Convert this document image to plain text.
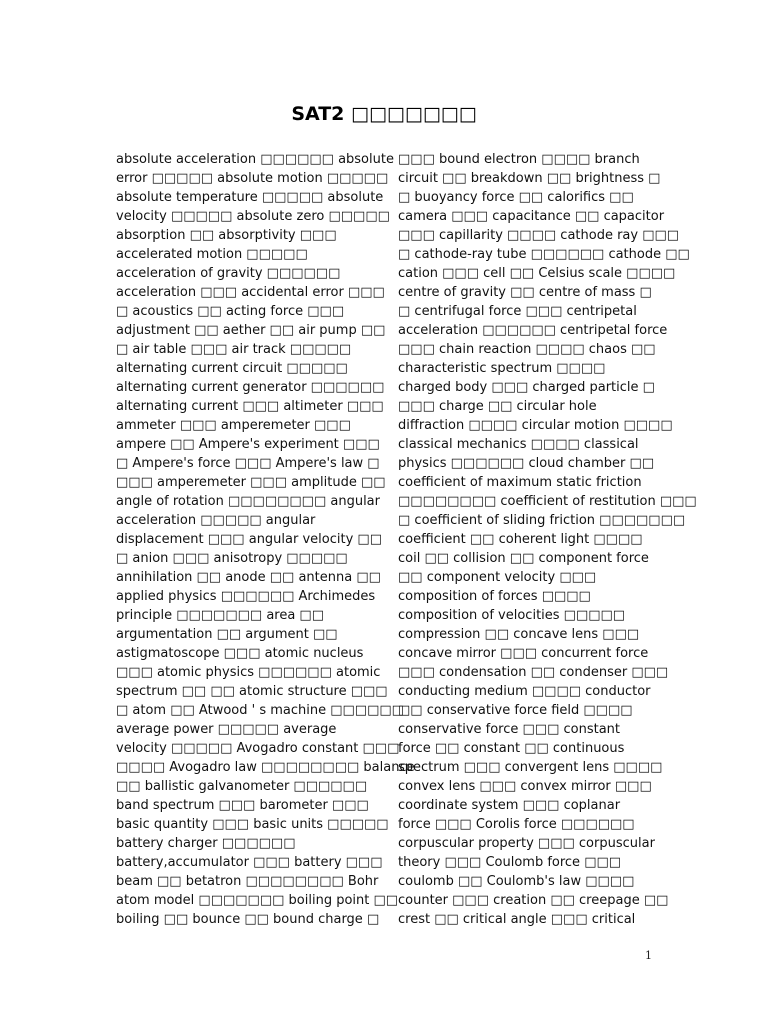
SAT2 □□□□□□□
absolute acceleration □□□□□□ absolute
error □□□□□ absolute motion □□□□□
absolute temperature □□□□□ absolute
velocity □□□□□ absolute zero □□□□□
absorption □□ absorptivity □□□
accelerated motion □□□□□
acceleration of gravity □□□□□□
acceleration □□□ accidental error □□□
□ acoustics □□ acting force □□□
adjustment □□ aether □□ air pump □□
□ air table □□□ air track □□□□□
alternating current circuit □□□□□
alternating current generator □□□□□□
alternating current □□□ altimeter □□□
ammeter □□□ amperemeter □□□
ampere □□ Ampere's experiment □□□
□ Ampere's force □□□ Ampere's law □
□□□ amperemeter □□□ amplitude □□
angle of rotation □□□□□□□□ angular
acceleration □□□□□ angular
displacement □□□ angular velocity □□
□ anion □□□ anisotropy □□□□□
annihilation □□ anode □□ antenna □□
applied physics □□□□□□ Archimedes
principle □□□□□□□ area □□
argumentation □□ argument □□
astigmatoscope □□□ atomic nucleus
□□□ atomic physics □□□□□□ atomic
spectrum □□ □□ atomic structure □□□
□ atom □□ Atwood ' s machine □□□□□□
average power □□□□□ average
velocity □□□□□ Avogadro constant □□□
□□□□ Avogadro law □□□□□□□□ balance
□□ ballistic galvanometer □□□□□□
band spectrum □□□ barometer □□□
basic quantity □□□ basic units □□□□□
battery charger □□□□□□
battery,accumulator □□□ battery □□□
beam □□ betatron □□□□□□□□ Bohr
atom model □□□□□□□ boiling point □□
boiling □□ bounce □□ bound charge □
□□□ bound electron □□□□ branch
circuit □□ breakdown □□ brightness □
□ buoyancy force □□ calorifics □□
camera □□□ capacitance □□ capacitor
□□□ capillarity □□□□ cathode ray □□□
□ cathode-ray tube □□□□□□ cathode □□
cation □□□ cell □□ Celsius scale □□□□
centre of gravity □□ centre of mass □
□ centrifugal force □□□ centripetal
acceleration □□□□□□ centripetal force
□□□ chain reaction □□□□ chaos □□
characteristic spectrum □□□□
charged body □□□ charged particle □
□□□ charge □□ circular hole
diffraction □□□□ circular motion □□□□
classical mechanics □□□□ classical
physics □□□□□□ cloud chamber □□
coefficient of maximum static friction
□□□□□□□□ coefficient of restitution □□□
□ coefficient of sliding friction □□□□□□□
coefficient □□ coherent light □□□□
coil □□ collision □□ component force
□□ component velocity □□□
composition of forces □□□□
composition of velocities □□□□□
compression □□ concave lens □□□
concave mirror □□□ concurrent force
□□□ condensation □□ condenser □□□
conducting medium □□□□ conductor
□□ conservative force field □□□□
conservative force □□□ constant
force □□ constant □□ continuous
spectrum □□□ convergent lens □□□□
convex lens □□□ convex mirror □□□
coordinate system □□□ coplanar
force □□□ Corolis force □□□□□□
corpuscular property □□□ corpuscular
theory □□□ Coulomb force □□□
coulomb □□ Coulomb's law □□□□
counter □□□ creation □□ creepage □□
crest □□ critical angle □□□ critical
1
